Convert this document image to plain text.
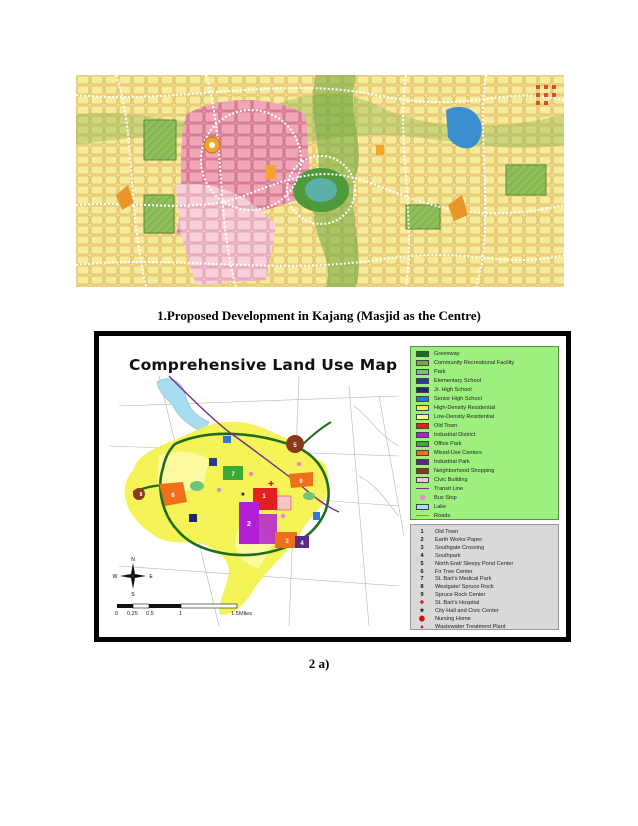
1.Proposed Development in Kajang (Masjid as the Centre)
Comprehensive Land Use Map
1
2
3 4
5
6
7
8
9
✚
★
N
S
E
W
0 0.25 0.5	1	1.5 Miles
Greenway
Community Recreational Facility
Park
Elementary School
Jr. High School
Senior High School
High-Density Residential
Low-Density Residential
Old Town
Industrial District
Office Park
Mixed-Use Centers
Industrial Park
Neighborhood Shopping
Civic Building
Transit Line
Bus Stop
Lake
Roads
1 Old Town
2 Earth Works Paper
3 Southgate Crossing
4 Southpark
5 North End/ Sleepy Pond Center
6 Fir Tree Center
7 St. Bart's Medical Park
8 Westgate/ Spruce Rock
9 Spruce Rock Center
✚ St. Bart's Hospital
★ City Hall and Civic Center
⬤ Nursing Home
▲ Wastewater Treatment Plant
2 a)
